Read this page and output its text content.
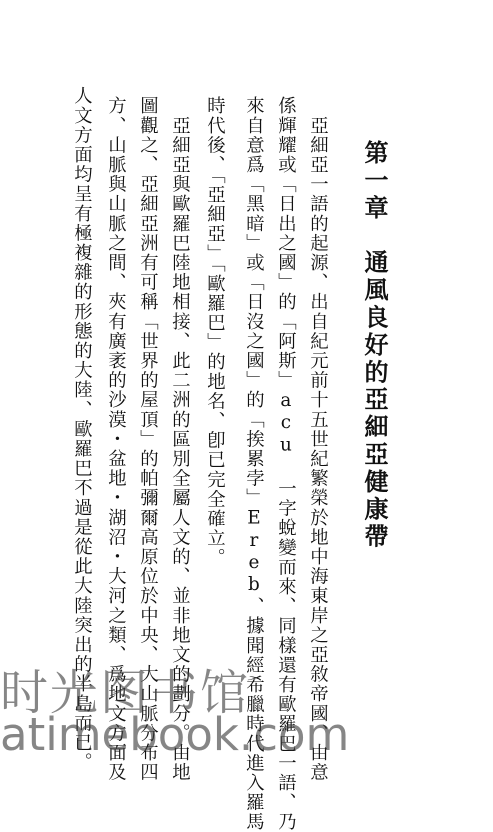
第一章　通風良好的亞細亞健康帶

　亞細亞一語的起源、出自紀元前十五世紀繁榮於地中海東岸之亞敘帝國、由意

係輝耀或「日出之國」的「阿斯」acu 一字蛻變而來、同樣還有歐羅巴一語、乃

來自意爲「黑暗」或「日沒之國」的「挨累孛」Ereb、據聞經希臘時代進入羅馬

時代後、「亞細亞」「歐羅巴」的地名、卽已完全確立。

　亞細亞與歐羅巴陸地相接、此二洲的區別全屬人文的、並非地文的劃分。由地

圖觀之、亞細亞洲有可稱「世界的屋頂」的帕彌爾高原位於中央、大山脈分布四

方、山脈與山脈之間、夾有廣袤的沙漠・盆地・湖沼・大河之類、爲地文方面及

人文方面均呈有極複雜的形態的大陸、歐羅巴不過是從此大陸突出的半島而已。

时光图书馆
atimebook.com
